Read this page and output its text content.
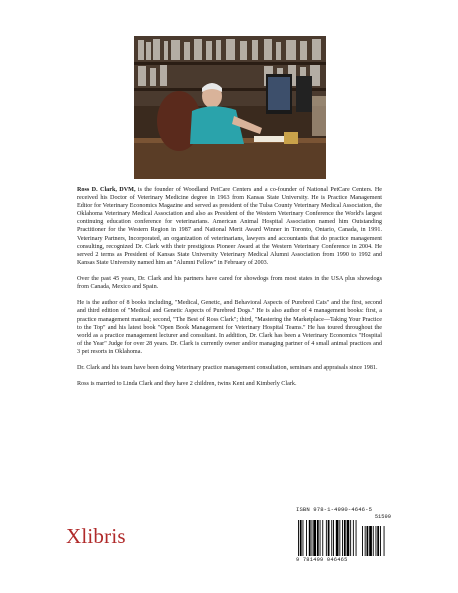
Ross D. Clark, DVM, is the founder of Woodland PetCare Centers and a co-founder of National PetCare Centers. He received his Doctor of Veterinary Medicine degree in 1963 from Kansas State University. He is Practice Management Editor for Veterinary Economics Magazine and served as president of the Tulsa County Veterinary Medical Association, the Oklahoma Veterinary Medical Association and also as President of the Western Veterinary Conference the World's largest continuing education conference for veterinarians. American Animal Hospital Association named him Outstanding Practitioner for the Western Region in 1987 and National Merit Award Winner in Toronto, Ontario, Canada, in 1991. Veterinary Partners, Incorporated, an organization of veterinarians, lawyers and accountants that do practice management consulting, recognized Dr. Clark with their prestigious Pioneer Award at the Western Veterinary Conference in 2004. He served 2 terms as President of Kansas State University Veterinary Medical Alumni Association from 1990 to 1992 and Kansas State University named him an "Alumni Fellow" in February of 2003.

Over the past 45 years, Dr. Clark and his partners have cared for showdogs from most states in the USA plus showdogs from Canada, Mexico and Spain.

He is the author of 8 books including, "Medical, Genetic, and Behavioral Aspects of Purebred Cats" and the first, second and third edition of "Medical and Genetic Aspects of Purebred Dogs." He is also author of 4 management books: first, a practice management manual; second, "The Best of Ross Clark"; third, "Mastering the Marketplace—Taking Your Practice to the Top" and his latest book "Open Book Management for Veterinary Hospital Teams." He has toured throughout the world as a practice management lecturer and consultant. In addition, Dr. Clark has been a Veterinary Economics "Hospital of the Year" Judge for over 28 years. Dr. Clark is currently owner and/or managing partner of 4 small animal practices and 3 pet resorts in Oklahoma.

Dr. Clark and his team have been doing Veterinary practice management consultation, seminars and appraisals since 1981.

Ross is married to Linda Clark and they have 2 children, twins Kent and Kimberly Clark.

Xlibris
ISBN 978-1-4990-4646-5
51599
9 781499 046465
